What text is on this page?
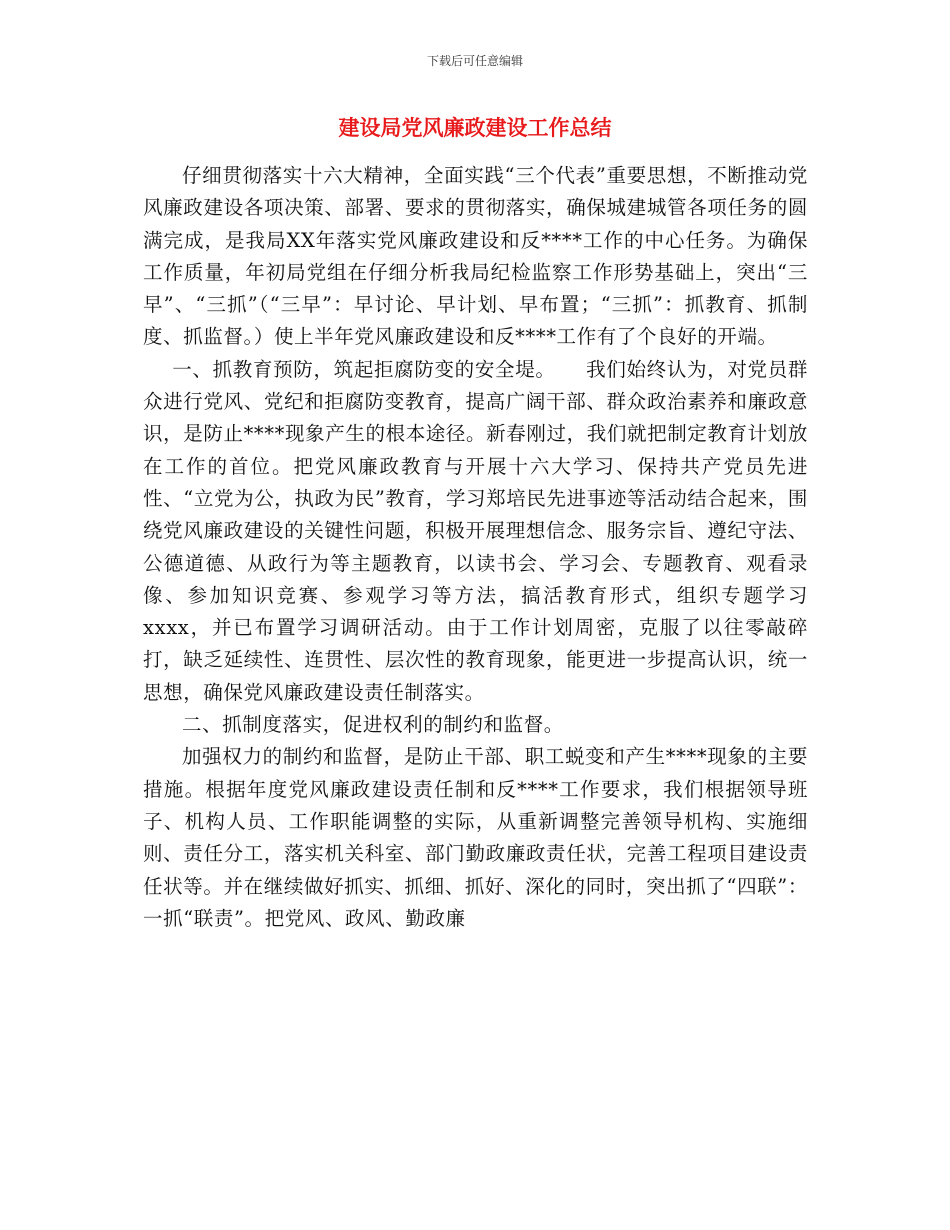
下载后可任意编辑
建设局党风廉政建设工作总结

仔细贯彻落实十六大精神，全面实践“三个代表”重要思想，不断推动党风廉政建设各项决策、部署、要求的贯彻落实，确保城建城管各项任务的圆满完成，是我局XX年落实党风廉政建设和反****工作的中心任务。为确保工作质量，年初局党组在仔细分析我局纪检监察工作形势基础上，突出“三早”、“三抓”（“三早”：早讨论、早计划、早布置；“三抓”：抓教育、抓制度、抓监督。）使上半年党风廉政建设和反****工作有了个良好的开端。

一、抓教育预防，筑起拒腐防变的安全堤。　　我们始终认为，对党员群众进行党风、党纪和拒腐防变教育，提高广阔干部、群众政治素养和廉政意识，是防止****现象产生的根本途径。新春刚过，我们就把制定教育计划放在工作的首位。把党风廉政教育与开展十六大学习、保持共产党员先进性、“立党为公，执政为民”教育，学习郑培民先进事迹等活动结合起来，围绕党风廉政建设的关键性问题，积极开展理想信念、服务宗旨、遵纪守法、公德道德、从政行为等主题教育，以读书会、学习会、专题教育、观看录像、参加知识竞赛、参观学习等方法，搞活教育形式，组织专题学习xxxx，并已布置学习调研活动。由于工作计划周密，克服了以往零敲碎打，缺乏延续性、连贯性、层次性的教育现象，能更进一步提高认识，统一思想，确保党风廉政建设责任制落实。

二、抓制度落实，促进权利的制约和监督。

加强权力的制约和监督，是防止干部、职工蜕变和产生****现象的主要措施。根据年度党风廉政建设责任制和反****工作要求，我们根据领导班子、机构人员、工作职能调整的实际，从重新调整完善领导机构、实施细则、责任分工，落实机关科室、部门勤政廉政责任状，完善工程项目建设责任状等。并在继续做好抓实、抓细、抓好、深化的同时，突出抓了“四联”：一抓“联责”。把党风、政风、勤政廉
